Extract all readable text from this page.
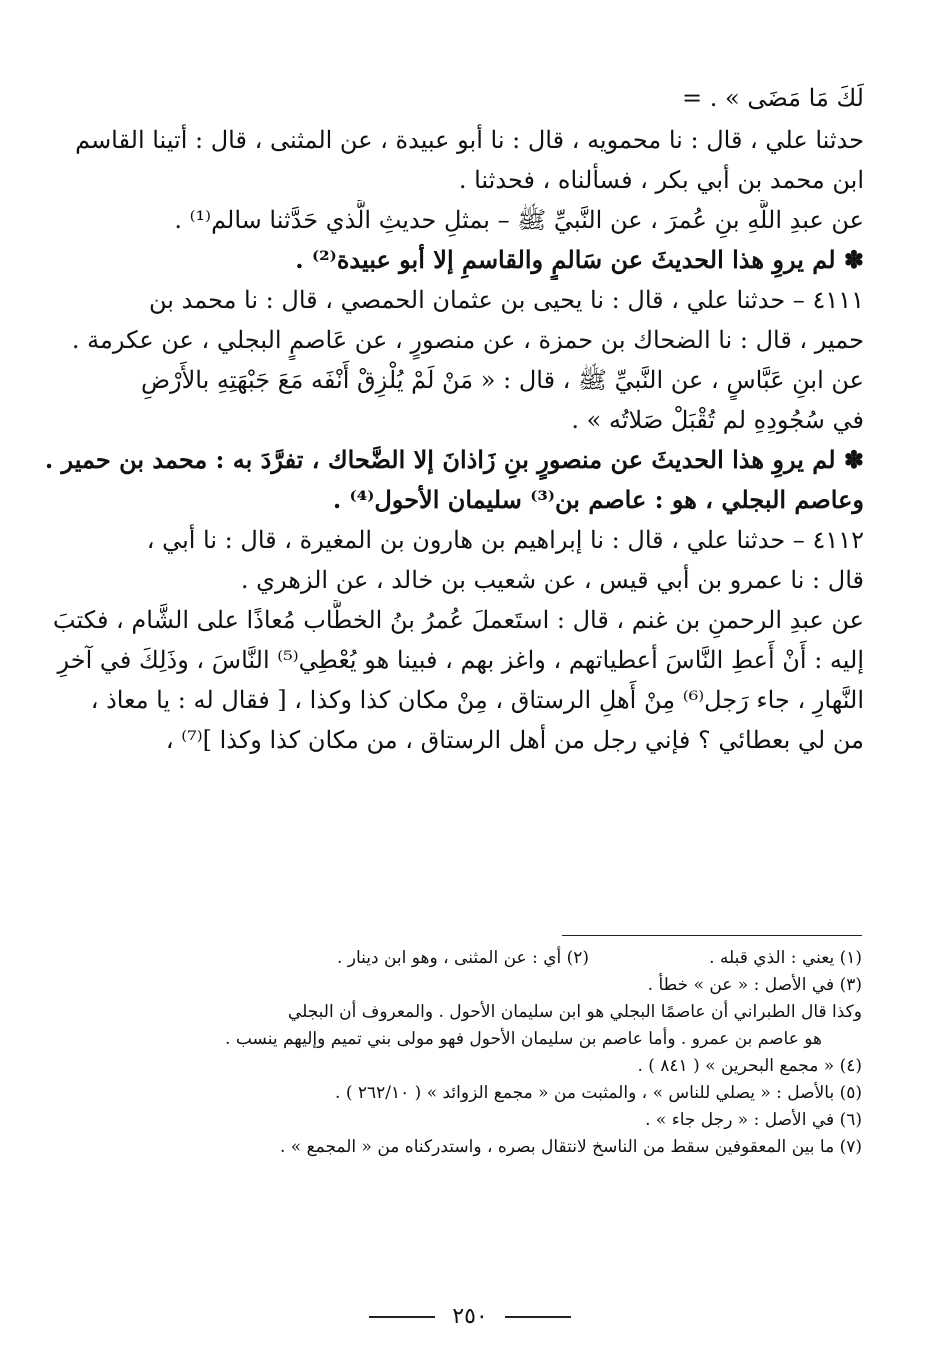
لَكَ مَا مَضَى » . =
حدثنا علي ، قال : نا محمويه ، قال : نا أبو عبيدة ، عن المثنى ، قال : أتينا القاسم
ابن محمد بن أبي بكر ، فسألناه ، فحدثنا .
عن عبدِ اللَّهِ بنِ عُمرَ ، عن النَّبيِّ ﷺ – بمثلِ حديثِ الَّذي حَدَّثنا سالم⁽¹⁾ .
✽ لم يروِ هذا الحديثَ عن سَالمٍ والقاسمِ إلا أبو عبيدة⁽²⁾ .
٤١١١ – حدثنا علي ، قال : نا يحيى بن عثمان الحمصي ، قال : نا محمد بن
حمير ، قال : نا الضحاك بن حمزة ، عن منصورٍ ، عن عَاصمٍ البجلي ، عن عكرمة .
عن ابنِ عَبَّاسٍ ، عن النَّبيِّ ﷺ ، قال : « مَنْ لَمْ يُلْزِقْ أَنْفَه مَعَ جَبْهَتِهِ بالأَرْضِ
في سُجُودِهِ لم تُقْبَلْ صَلاتُه » .
✽ لم يروِ هذا الحديثَ عن منصورٍ بنِ زَاذانَ إلا الضَّحاك ، تفرَّدَ به : محمد بن حمير .
وعاصم البجلي ، هو : عاصم بن⁽³⁾ سليمان الأحول⁽⁴⁾ .
٤١١٢ – حدثنا علي ، قال : نا إبراهيم بن هارون بن المغيرة ، قال : نا أبي ،
قال : نا عمرو بن أبي قيس ، عن شعيب بن خالد ، عن الزهري .
عن عبدِ الرحمنِ بن غنم ، قال : استَعملَ عُمرُ بنُ الخطَّاب مُعاذًا على الشَّام ، فكتبَ
إليه : أَنْ أَعطِ النَّاسَ أعطياتهم ، واغز بهم ، فبينا هو يُعْطِي⁽⁵⁾ النَّاسَ ، وذَلِكَ في آخرِ
النَّهارِ ، جاء رَجل⁽⁶⁾ مِنْ أَهلِ الرستاق ، مِنْ مكان كذا وكذا ، [ فقال له : يا معاذ ،
من لي بعطائي ؟ فإني رجل من أهل الرستاق ، من مكان كذا وكذا ]⁽⁷⁾ ،
(١) يعني : الذي قبله .
(٢) أي : عن المثنى ، وهو ابن دينار .
(٣) في الأصل : « عن » خطأ .
وكذا قال الطبراني أن عاصمًا البجلي هو ابن سليمان الأحول . والمعروف أن البجلي
هو عاصم بن عمرو . وأما عاصم بن سليمان الأحول فهو مولى بني تميم وإليهم ينسب .
(٤) « مجمع البحرين » ( ٨٤١ ) .
(٥) بالأصل : « يصلي للناس » ، والمثبت من « مجمع الزوائد » ( ٢٦٢/١٠ ) .
(٦) في الأصل : « رجل جاء » .
(٧) ما بين المعقوفين سقط من الناسخ لانتقال بصره ، واستدركناه من « المجمع » .
٢٥٠
